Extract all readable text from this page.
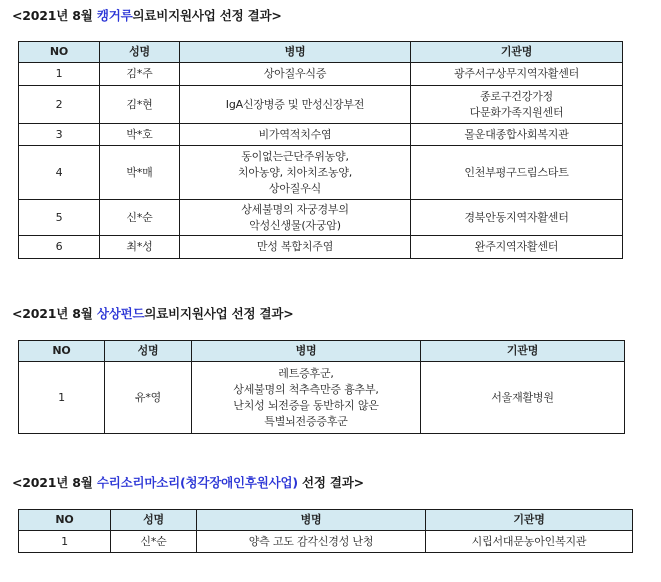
<2021년 8월 캥거루의료비지원사업 선정 결과>
NO	성명	병명	기관명
1	김*주	상아질우식증	광주서구상무지역자활센터
2	김*현	IgA신장병증 및 만성신장부전	종로구건강가정
다문화가족지원센터
3	박*호	비가역적치수염	몰운대종합사회복지관
4	박*매	동이없는근단주위농양,
치아농양, 치아치조농양,
상아질우식	인천부평구드림스타트
5	신*순	상세불명의 자궁경부의
악성신생물(자궁암)	경북안동지역자활센터
6	최*성	만성 복합치주염	완주지역자활센터
<2021년 8월 상상펀드의료비지원사업 선정 결과>
NO	성명	병명	기관명
1	유*영	레트증후군,
상세불명의 척추측만증 흉추부,
난치성 뇌전증을 동반하지 않은
특별뇌전증증후군	서울재활병원
<2021년 8월 수리소리마소리(청각장애인후원사업) 선정 결과>
NO	성명	병명	기관명
1	신*순	양측 고도 감각신경성 난청	시립서대문농아인복지관
